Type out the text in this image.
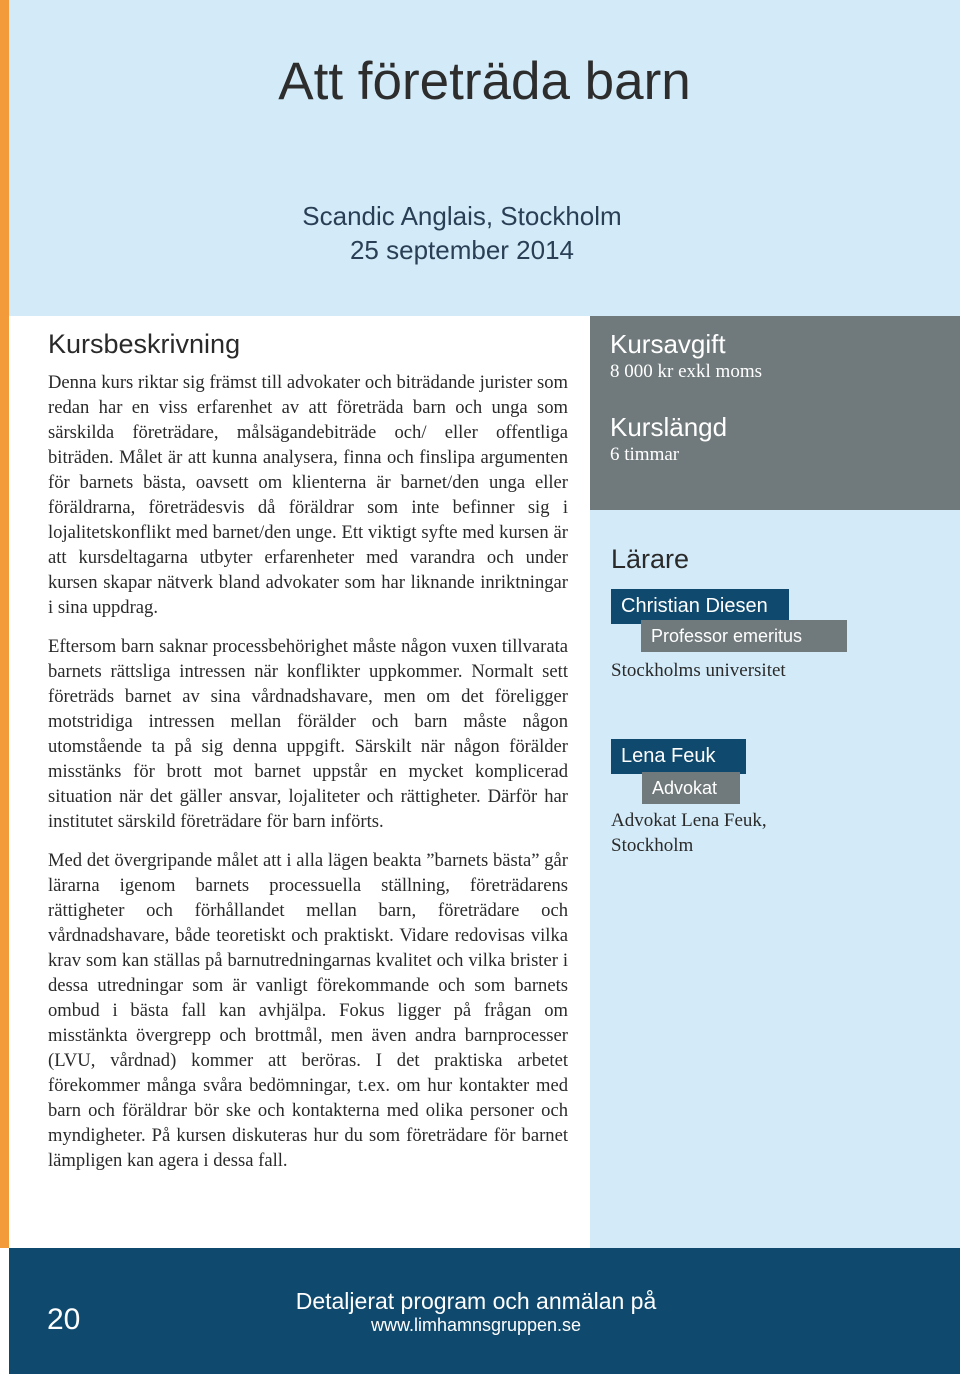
Att företräda barn
Scandic Anglais, Stockholm
25 september 2014
Kursbeskrivning

Denna kurs riktar sig främst till advokater och biträdande jurister som redan har en viss erfarenhet av att företräda barn och unga som särskilda företrädare, målsägandebiträde och/ eller offentliga biträden. Målet är att kunna analysera, finna och finslipa argumenten för barnets bästa, oavsett om klienterna är barnet/den unga eller föräldrarna, företrädesvis då föräldrar som inte befinner sig i lojalitetskonflikt med barnet/den unge. Ett viktigt syfte med kursen är att kursdeltagarna utbyter erfarenheter med varandra och under kursen skapar nätverk bland advokater som har liknande inriktningar i sina uppdrag.

Eftersom barn saknar processbehörighet måste någon vuxen tillvarata barnets rättsliga intressen när konflikter uppkommer. Normalt sett företräds barnet av sina vårdnadshavare, men om det föreligger motstridiga intressen mellan förälder och barn måste någon utomstående ta på sig denna uppgift. Särskilt när någon förälder misstänks för brott mot barnet uppstår en mycket komplicerad situation när det gäller ansvar, lojaliteter och rättigheter. Därför har institutet särskild företrädare för barn införts.

Med det övergripande målet att i alla lägen beakta ”barnets bästa” går lärarna igenom barnets processuella ställning, företrädarens rättigheter och förhållandet mellan barn, företrädare och vårdnadshavare, både teoretiskt och praktiskt. Vidare redovisas vilka krav som kan ställas på barnutredningarnas kvalitet och vilka brister i dessa utredningar som är vanligt förekommande och som barnets ombud i bästa fall kan avhjälpa. Fokus ligger på frågan om misstänkta övergrepp och brottmål, men även andra barnprocesser (LVU, vårdnad) kommer att beröras. I det praktiska arbetet förekommer många svåra bedömningar, t.ex. om hur kontakter med barn och föräldrar bör ske och kontakterna med olika personer och myndigheter. På kursen diskuteras hur du som företrädare för barnet lämpligen kan agera i dessa fall.

Kursavgift
8 000 kr exkl moms
Kurslängd
6 timmar
Lärare
Christian Diesen
Professor emeritus
Stockholms universitet
Lena Feuk
Advokat
Advokat Lena Feuk, Stockholm
20
Detaljerat program och anmälan på
www.limhamnsgruppen.se
